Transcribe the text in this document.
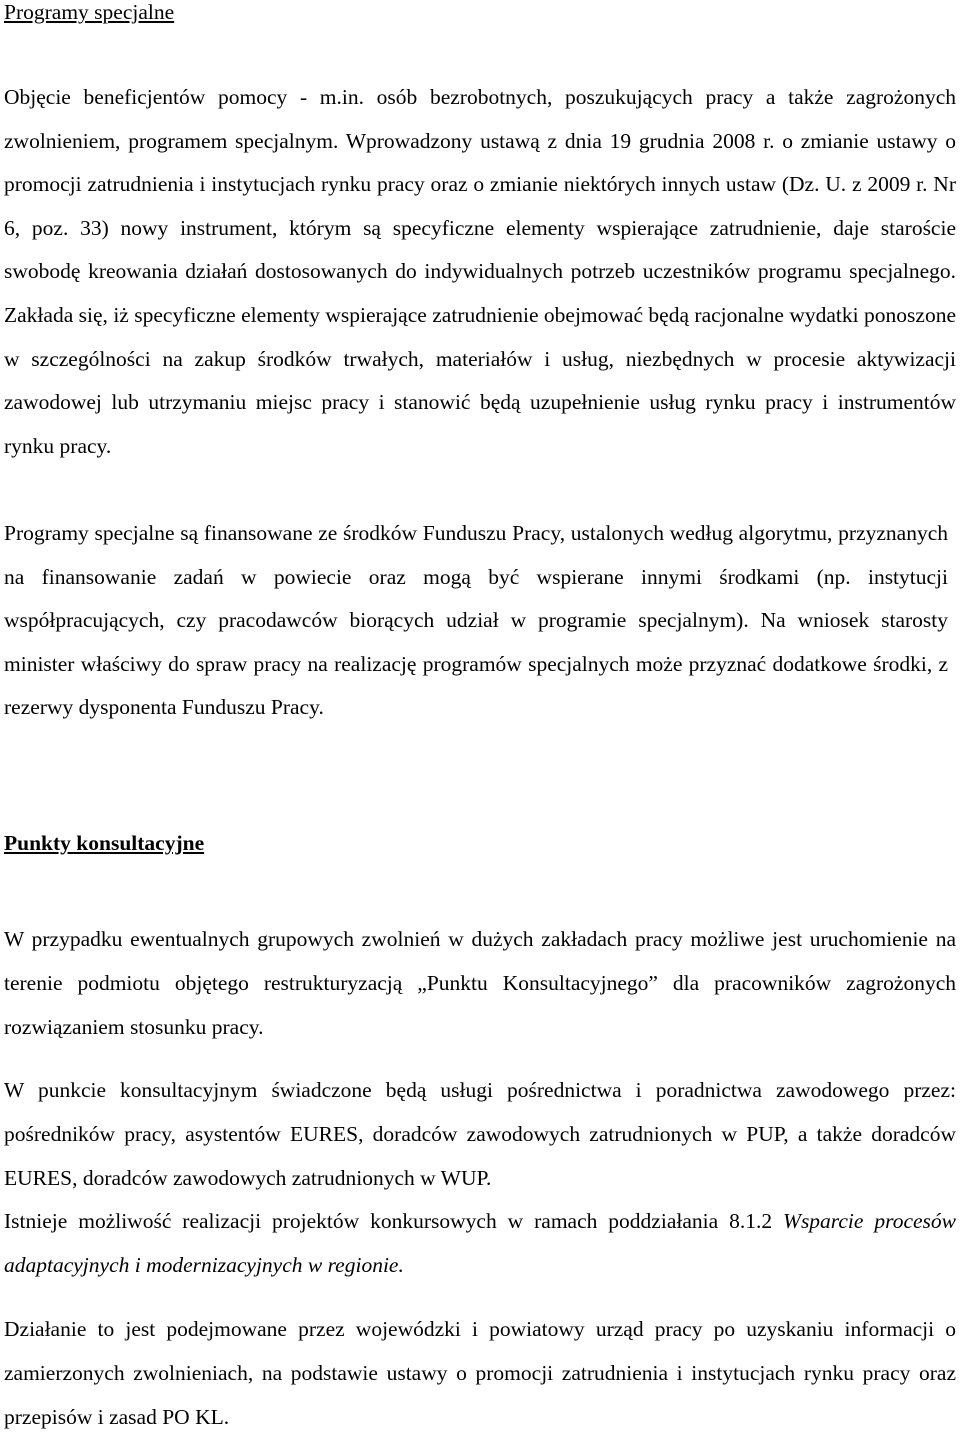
Programy specjalne

Objęcie beneficjentów pomocy - m.in. osób bezrobotnych, poszukujących pracy a także zagrożonych zwolnieniem, programem specjalnym. Wprowadzony ustawą z dnia 19 grudnia 2008 r. o zmianie ustawy o promocji zatrudnienia i instytucjach rynku pracy oraz o zmianie niektórych innych ustaw (Dz. U. z 2009 r. Nr 6, poz. 33) nowy instrument, którym są specyficzne elementy wspierające zatrudnienie, daje staroście swobodę kreowania działań dostosowanych do indywidualnych potrzeb uczestników programu specjalnego. Zakłada się, iż specyficzne elementy wspierające zatrudnienie obejmować będą racjonalne wydatki ponoszone w szczególności na zakup środków trwałych, materiałów i usług, niezbędnych w procesie aktywizacji zawodowej lub utrzymaniu miejsc pracy i stanowić będą uzupełnienie usług rynku pracy i instrumentów rynku pracy.

Programy specjalne są finansowane ze środków Funduszu Pracy, ustalonych według algorytmu, przyznanych na finansowanie zadań w powiecie oraz mogą być wspierane innymi środkami (np. instytucji współpracujących, czy pracodawców biorących udział w programie specjalnym). Na wniosek starosty minister właściwy do spraw pracy na realizację programów specjalnych może przyznać dodatkowe środki, z rezerwy dysponenta Funduszu Pracy.

Punkty konsultacyjne

W przypadku ewentualnych grupowych zwolnień w dużych zakładach pracy możliwe jest uruchomienie na terenie podmiotu objętego restrukturyzacją „Punktu Konsultacyjnego” dla pracowników zagrożonych rozwiązaniem stosunku pracy.

W punkcie konsultacyjnym świadczone będą usługi pośrednictwa i poradnictwa zawodowego przez: pośredników pracy, asystentów EURES, doradców zawodowych zatrudnionych w PUP, a także doradców EURES, doradców zawodowych zatrudnionych w WUP.

Istnieje możliwość realizacji projektów konkursowych w ramach poddziałania 8.1.2 Wsparcie procesów adaptacyjnych i modernizacyjnych w regionie.

Działanie to jest podejmowane przez wojewódzki i powiatowy urząd pracy po uzyskaniu informacji o zamierzonych zwolnieniach, na podstawie ustawy o promocji zatrudnienia i instytucjach rynku pracy oraz przepisów i zasad PO KL.
